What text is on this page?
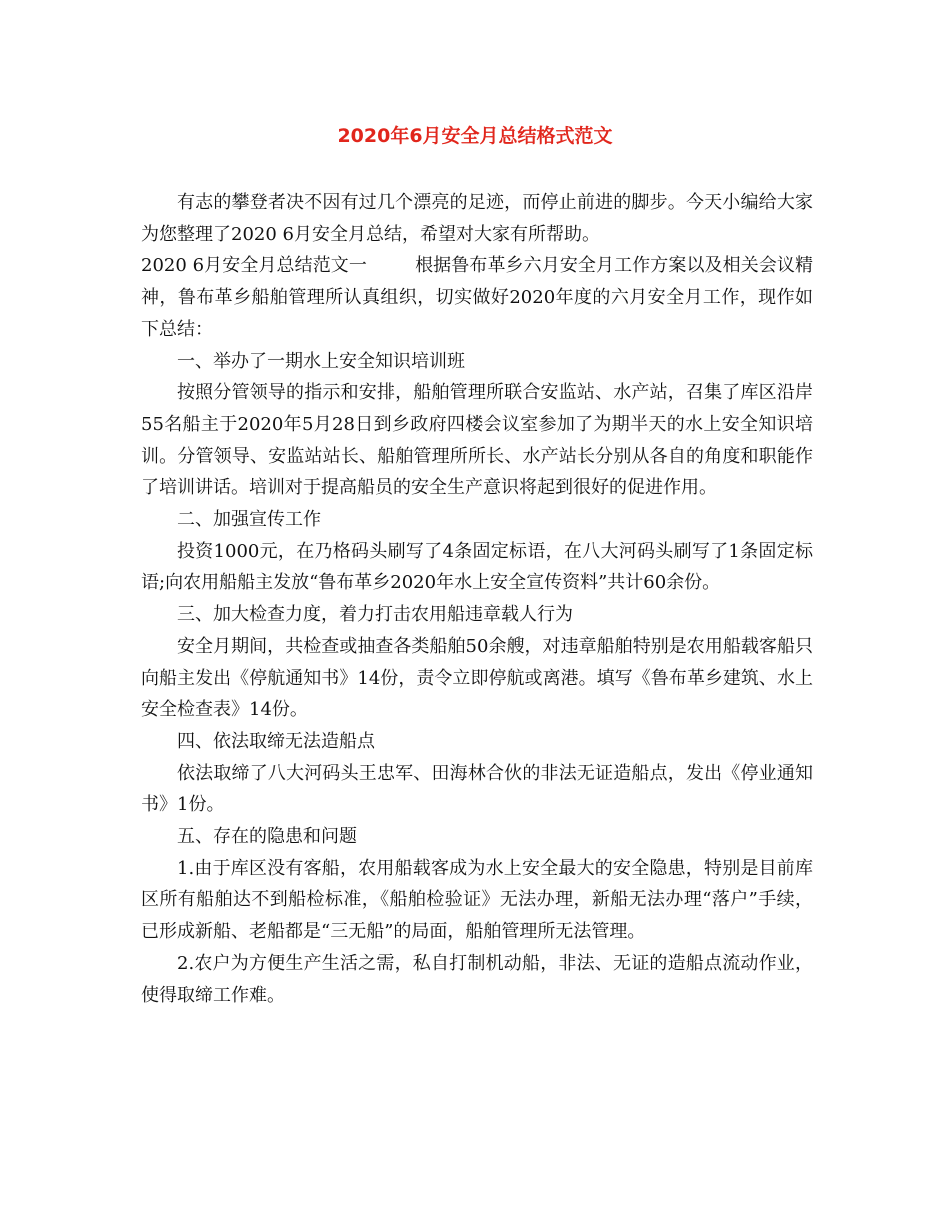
2020年6月安全月总结格式范文

有志的攀登者决不因有过几个漂亮的足迹，而停止前进的脚步。今天小编给大家为您整理了2020 6月安全月总结，希望对大家有所帮助。

2020 6月安全月总结范文一	根据鲁布革乡六月安全月工作方案以及相关会议精神，鲁布革乡船舶管理所认真组织，切实做好2020年度的六月安全月工作，现作如下总结：

一、举办了一期水上安全知识培训班

按照分管领导的指示和安排，船舶管理所联合安监站、水产站，召集了库区沿岸55名船主于2020年5月28日到乡政府四楼会议室参加了为期半天的水上安全知识培训。分管领导、安监站站长、船舶管理所所长、水产站长分别从各自的角度和职能作了培训讲话。培训对于提高船员的安全生产意识将起到很好的促进作用。

二、加强宣传工作

投资1000元，在乃格码头刷写了4条固定标语，在八大河码头刷写了1条固定标语;向农用船船主发放“鲁布革乡2020年水上安全宣传资料”共计60余份。

三、加大检查力度，着力打击农用船违章载人行为

安全月期间，共检查或抽查各类船舶50余艘，对违章船舶特别是农用船载客船只向船主发出《停航通知书》14份，责令立即停航或离港。填写《鲁布革乡建筑、水上安全检查表》14份。

四、依法取缔无法造船点

依法取缔了八大河码头王忠军、田海林合伙的非法无证造船点，发出《停业通知书》1份。

五、存在的隐患和问题

1.由于库区没有客船，农用船载客成为水上安全最大的安全隐患，特别是目前库区所有船舶达不到船检标准，《船舶检验证》无法办理，新船无法办理“落户”手续，已形成新船、老船都是“三无船”的局面，船舶管理所无法管理。

2.农户为方便生产生活之需，私自打制机动船，非法、无证的造船点流动作业，使得取缔工作难。
